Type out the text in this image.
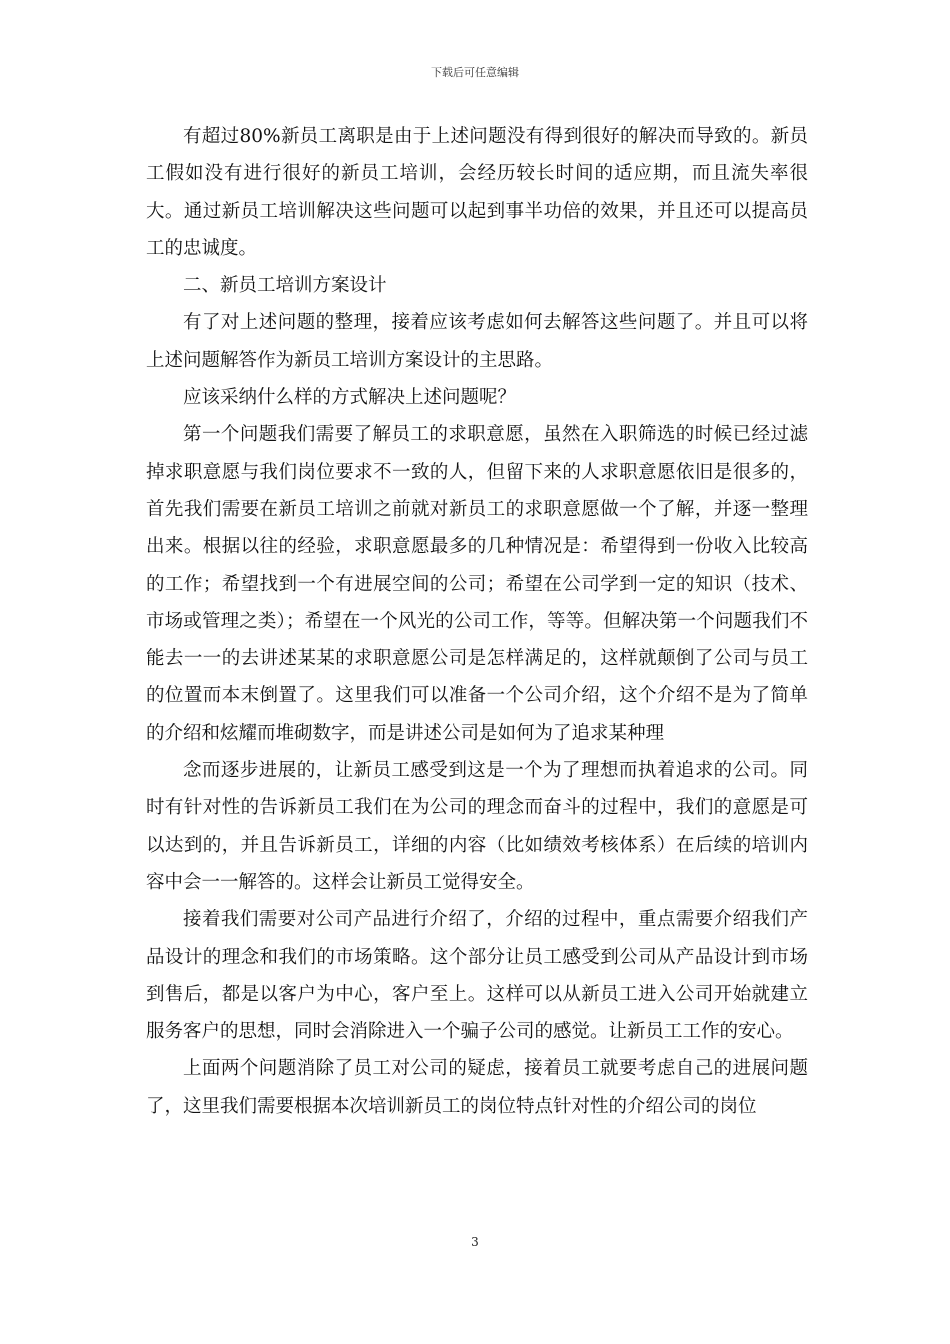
下载后可任意编辑

有超过80%新员工离职是由于上述问题没有得到很好的解决而导致的。新员工假如没有进行很好的新员工培训，会经历较长时间的适应期，而且流失率很大。通过新员工培训解决这些问题可以起到事半功倍的效果，并且还可以提高员工的忠诚度。

二、新员工培训方案设计

有了对上述问题的整理，接着应该考虑如何去解答这些问题了。并且可以将上述问题解答作为新员工培训方案设计的主思路。

应该采纳什么样的方式解决上述问题呢？

第一个问题我们需要了解员工的求职意愿，虽然在入职筛选的时候已经过滤掉求职意愿与我们岗位要求不一致的人，但留下来的人求职意愿依旧是很多的，首先我们需要在新员工培训之前就对新员工的求职意愿做一个了解，并逐一整理出来。根据以往的经验，求职意愿最多的几种情况是：希望得到一份收入比较高的工作；希望找到一个有进展空间的公司；希望在公司学到一定的知识（技术、市场或管理之类）；希望在一个风光的公司工作，等等。但解决第一个问题我们不能去一一的去讲述某某的求职意愿公司是怎样满足的，这样就颠倒了公司与员工的位置而本末倒置了。这里我们可以准备一个公司介绍，这个介绍不是为了简单的介绍和炫耀而堆砌数字，而是讲述公司是如何为了追求某种理

念而逐步进展的，让新员工感受到这是一个为了理想而执着追求的公司。同时有针对性的告诉新员工我们在为公司的理念而奋斗的过程中，我们的意愿是可以达到的，并且告诉新员工，详细的内容（比如绩效考核体系）在后续的培训内容中会一一解答的。这样会让新员工觉得安全。

接着我们需要对公司产品进行介绍了，介绍的过程中，重点需要介绍我们产品设计的理念和我们的市场策略。这个部分让员工感受到公司从产品设计到市场到售后，都是以客户为中心，客户至上。这样可以从新员工进入公司开始就建立服务客户的思想，同时会消除进入一个骗子公司的感觉。让新员工工作的安心。

上面两个问题消除了员工对公司的疑虑，接着员工就要考虑自己的进展问题了，这里我们需要根据本次培训新员工的岗位特点针对性的介绍公司的岗位

3
